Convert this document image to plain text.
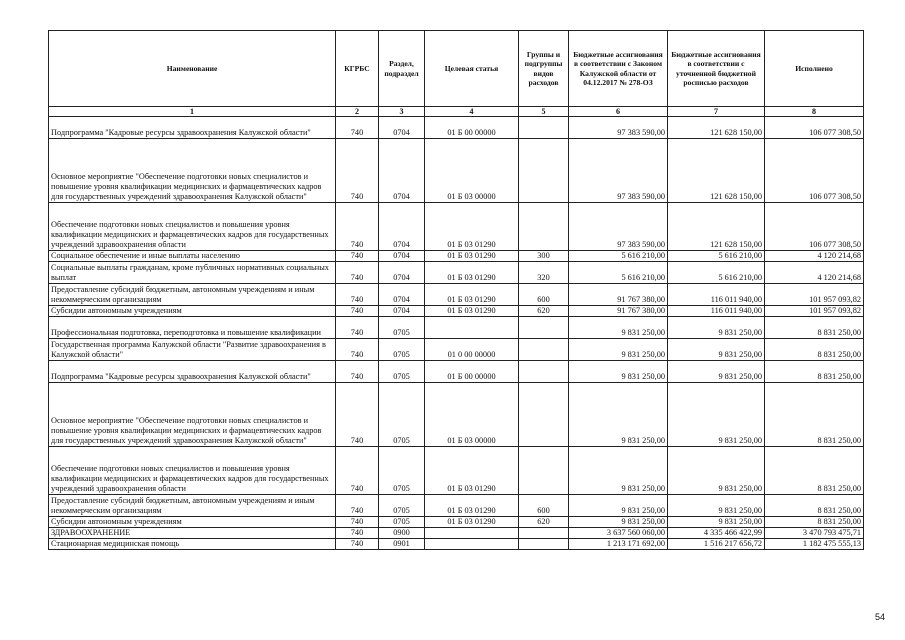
Наименование	КГРБС	Раздел, подраздел	Целевая статья	Группы и подгруппы видов расходов	Бюджетные ассигнования в соответствии с Законом Калужской области от 04.12.2017 № 278-ОЗ	Бюджетные ассигнования в соответствии с уточненной бюджетной росписью расходов	Исполнено
1	2	3	4	5	6	7	8
Подпрограмма "Кадровые ресурсы здравоохранения Калужской области"	740	0704	01 Б 00 00000		97 383 590,00	121 628 150,00	106 077 308,50
Основное мероприятие "Обеспечение подготовки новых специалистов и повышение уровня квалификации медицинских и фармацевтических кадров для государственных учреждений здравоохранения Калужской области"	740	0704	01 Б 03 00000		97 383 590,00	121 628 150,00	106 077 308,50
Обеспечение подготовки новых специалистов и повышения уровня квалификации медицинских и фармацевтических кадров для государственных учреждений здравоохранения области	740	0704	01 Б 03 01290		97 383 590,00	121 628 150,00	106 077 308,50
Социальное обеспечение и иные выплаты населению	740	0704	01 Б 03 01290	300	5 616 210,00	5 616 210,00	4 120 214,68
Социальные выплаты гражданам, кроме публичных нормативных социальных выплат	740	0704	01 Б 03 01290	320	5 616 210,00	5 616 210,00	4 120 214,68
Предоставление субсидий бюджетным, автономным учреждениям и иным некоммерческим организациям	740	0704	01 Б 03 01290	600	91 767 380,00	116 011 940,00	101 957 093,82
Субсидии автономным учреждениям	740	0704	01 Б 03 01290	620	91 767 380,00	116 011 940,00	101 957 093,82
Профессиональная подготовка, переподготовка и повышение квалификации	740	0705			9 831 250,00	9 831 250,00	8 831 250,00
Государственная программа Калужской области "Развитие здравоохранения в Калужской области"	740	0705	01 0 00 00000		9 831 250,00	9 831 250,00	8 831 250,00
Подпрограмма "Кадровые ресурсы здравоохранения Калужской области"	740	0705	01 Б 00 00000		9 831 250,00	9 831 250,00	8 831 250,00
Основное мероприятие "Обеспечение подготовки новых специалистов и повышение уровня квалификации медицинских и фармацевтических кадров для государственных учреждений здравоохранения Калужской области"	740	0705	01 Б 03 00000		9 831 250,00	9 831 250,00	8 831 250,00
Обеспечение подготовки новых специалистов и повышения уровня квалификации медицинских и фармацевтических кадров для государственных учреждений здравоохранения области	740	0705	01 Б 03 01290		9 831 250,00	9 831 250,00	8 831 250,00
Предоставление субсидий бюджетным, автономным учреждениям и иным некоммерческим организациям	740	0705	01 Б 03 01290	600	9 831 250,00	9 831 250,00	8 831 250,00
Субсидии автономным учреждениям	740	0705	01 Б 03 01290	620	9 831 250,00	9 831 250,00	8 831 250,00
ЗДРАВООХРАНЕНИЕ	740	0900			3 637 560 060,00	4 335 466 422,99	3 470 793 475,71
Стационарная медицинская помощь	740	0901			1 213 171 692,00	1 516 217 656,72	1 182 475 555,13
54
